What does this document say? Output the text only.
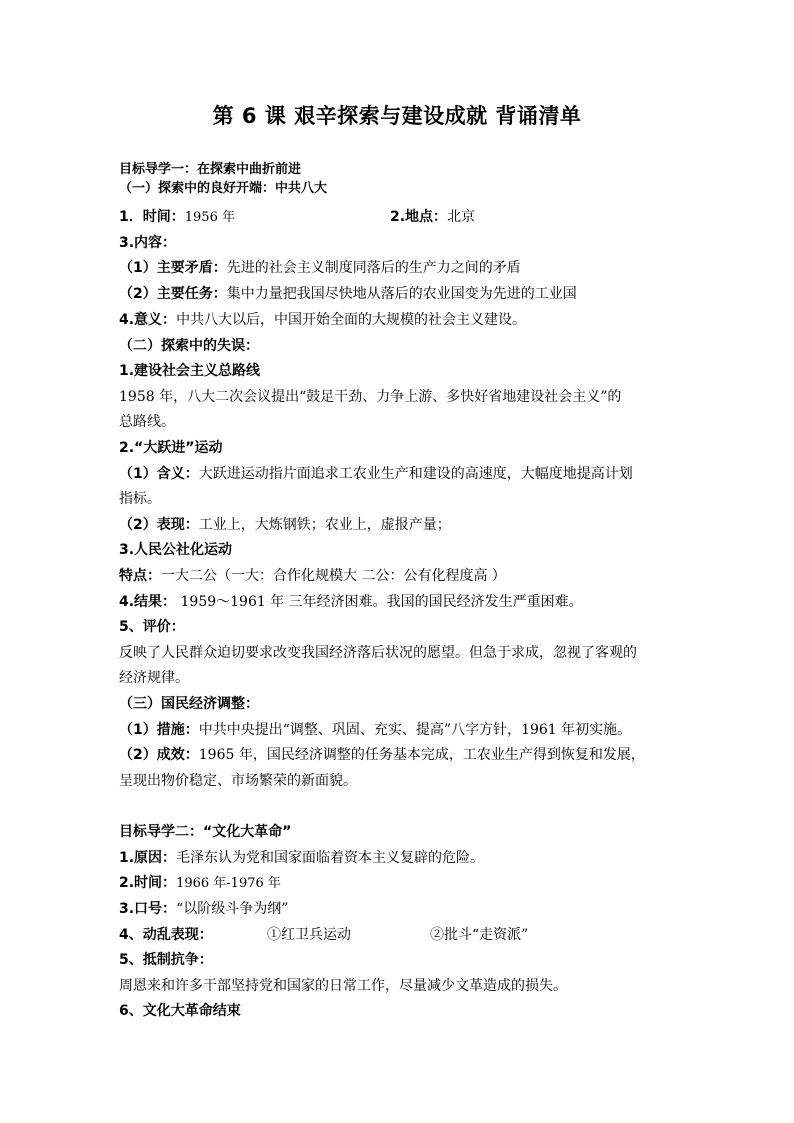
第 6 课 艰辛探索与建设成就 背诵清单
目标导学一：在探索中曲折前进
（一）探索中的良好开端：中共八大
1．时间：1956 年	2.地点：北京
3.内容：
（1）主要矛盾：先进的社会主义制度同落后的生产力之间的矛盾
（2）主要任务：集中力量把我国尽快地从落后的农业国变为先进的工业国
4.意义：中共八大以后，中国开始全面的大规模的社会主义建设。
（二）探索中的失误：
1.建设社会主义总路线
1958 年，八大二次会议提出“鼓足干劲、力争上游、多快好省地建设社会主义”的
总路线。
2.“大跃进”运动
（1）含义：大跃进运动指片面追求工农业生产和建设的高速度，大幅度地提高计划
指标。
（2）表现：工业上，大炼钢铁；农业上，虚报产量；
3.人民公社化运动
特点：一大二公（一大：合作化规模大 二公：公有化程度高 ）
4.结果： 1959～1961 年 三年经济困难。我国的国民经济发生严重困难。
5、评价：
反映了人民群众迫切要求改变我国经济落后状况的愿望。但急于求成，忽视了客观的
经济规律。
（三）国民经济调整：
（1）措施：中共中央提出“调整、巩固、充实、提高”八字方针，1961 年初实施。
（2）成效：1965 年，国民经济调整的任务基本完成，工农业生产得到恢复和发展，
呈现出物价稳定、市场繁荣的新面貌。
目标导学二：“文化大革命”
1.原因：毛泽东认为党和国家面临着资本主义复辟的危险。
2.时间：1966 年-1976 年
3.口号：“以阶级斗争为纲”
4、动乱表现：	①红卫兵运动	②批斗“走资派”
5、抵制抗争：
周恩来和许多干部坚持党和国家的日常工作，尽量减少文革造成的损失。
6、文化大革命结束
